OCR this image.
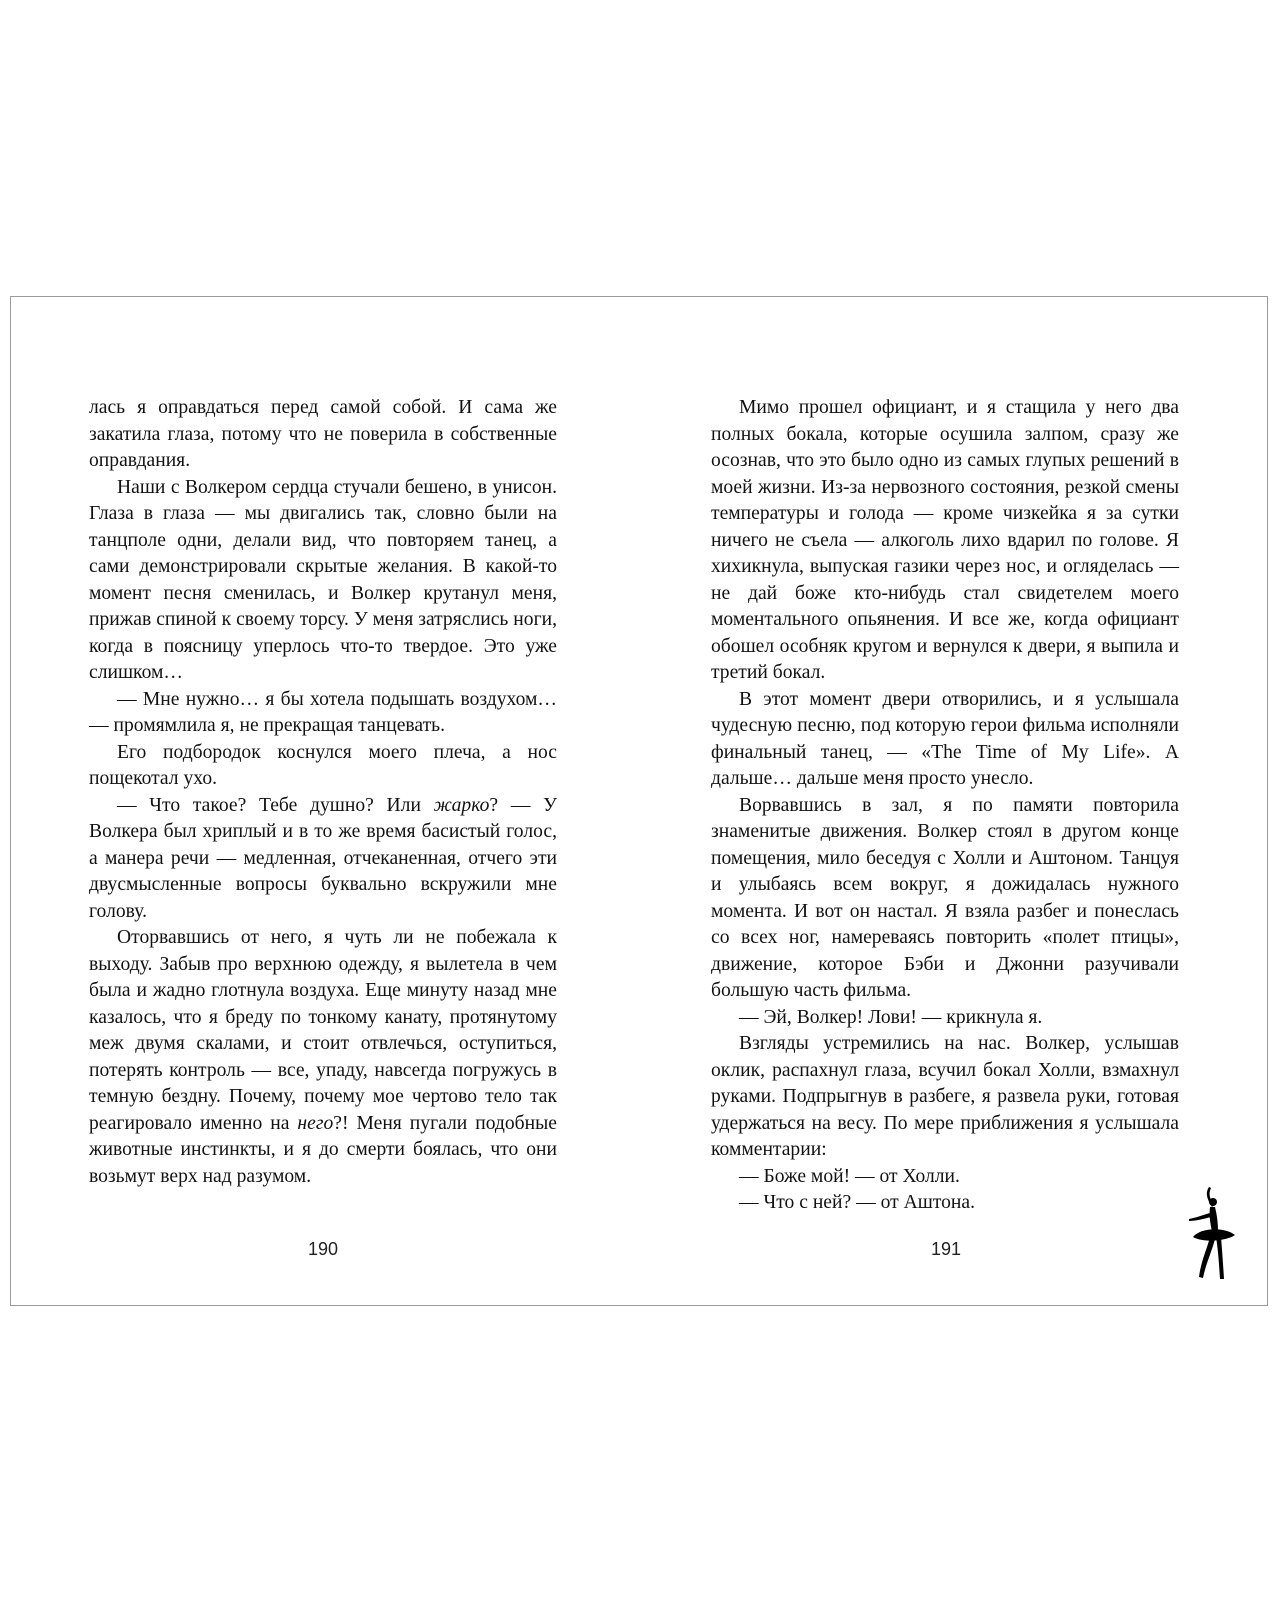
лась я оправдаться перед самой собой. И сама же закатила глаза, потому что не поверила в собственные оправдания.

Наши с Волкером сердца стучали бешено, в унисон. Глаза в глаза — мы двигались так, словно были на танцполе одни, делали вид, что повторяем танец, а сами демонстрировали скрытые желания. В какой-то момент песня сменилась, и Волкер крутанул меня, прижав спиной к своему торсу. У меня затряслись ноги, когда в поясницу уперлось что-то твердое. Это уже слишком…

— Мне нужно… я бы хотела подышать воздухом… — промямлила я, не прекращая танцевать.

Его подбородок коснулся моего плеча, а нос пощекотал ухо.

— Что такое? Тебе душно? Или жарко? — У Волкера был хриплый и в то же время басистый голос, а манера речи — медленная, отчеканенная, отчего эти двусмысленные вопросы буквально вскружили мне голову.

Оторвавшись от него, я чуть ли не побежала к выходу. Забыв про верхнюю одежду, я вылетела в чем была и жадно глотнула воздуха. Еще минуту назад мне казалось, что я бреду по тонкому канату, протянутому меж двумя скалами, и стоит отвлечься, оступиться, потерять контроль — все, упаду, навсегда погружусь в темную бездну. Почему, почему мое чертово тело так реагировало именно на него?! Меня пугали подобные животные инстинкты, и я до смерти боялась, что они возьмут верх над разумом.

190

Мимо прошел официант, и я стащила у него два полных бокала, которые осушила залпом, сразу же осознав, что это было одно из самых глупых решений в моей жизни. Из-за нервозного состояния, резкой смены температуры и голода — кроме чизкейка я за сутки ничего не съела — алкоголь лихо вдарил по голове. Я хихикнула, выпуская газики через нос, и огляделась — не дай боже кто-нибудь стал свидетелем моего моментального опьянения. И все же, когда официант обошел особняк кругом и вернулся к двери, я выпила и третий бокал.

В этот момент двери отворились, и я услышала чудесную песню, под которую герои фильма исполняли финальный танец, — «The Time of My Life». А дальше… дальше меня просто унесло.

Ворвавшись в зал, я по памяти повторила знаменитые движения. Волкер стоял в другом конце помещения, мило беседуя с Холли и Аштоном. Танцуя и улыбаясь всем вокруг, я дожидалась нужного момента. И вот он настал. Я взяла разбег и понеслась со всех ног, намереваясь повторить «полет птицы», движение, которое Бэби и Джонни разучивали большую часть фильма.

— Эй, Волкер! Лови! — крикнула я.

Взгляды устремились на нас. Волкер, услышав оклик, распахнул глаза, всучил бокал Холли, взмахнул руками. Подпрыгнув в разбеге, я развела руки, готовая удержаться на весу. По мере приближения я услышала комментарии:

— Боже мой! — от Холли.

— Что с ней? — от Аштона.

191
